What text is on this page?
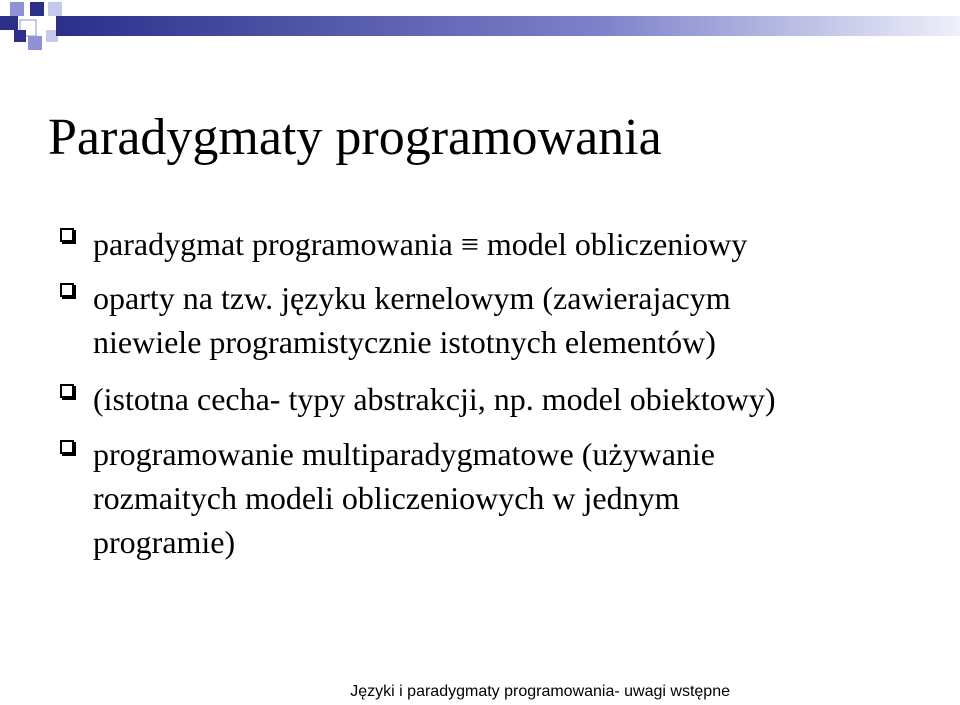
Paradygmaty programowania
paradygmat programowania ≡ model obliczeniowy
oparty na tzw. języku kernelowym (zawierajacym
niewiele programistycznie istotnych elementów)
(istotna cecha- typy abstrakcji, np. model obiektowy)
programowanie multiparadygmatowe (używanie
rozmaitych modeli obliczeniowych w jednym
programie)
Języki i paradygmaty programowania- uwagi wstępne
